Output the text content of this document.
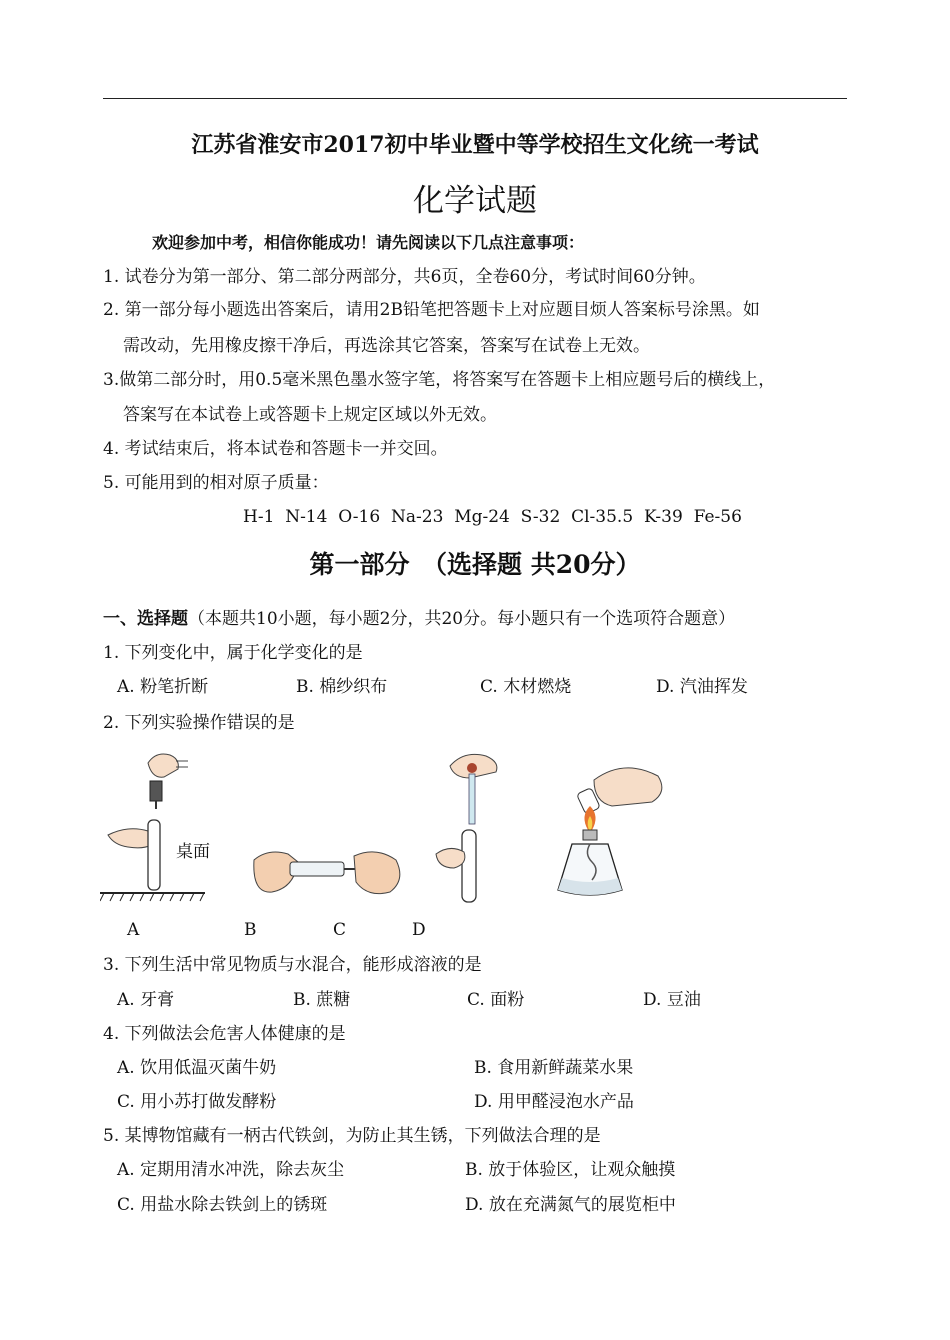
江苏省淮安市2017初中毕业暨中等学校招生文化统一考试
化学试题
欢迎参加中考，相信你能成功！请先阅读以下几点注意事项：
1. 试卷分为第一部分、第二部分两部分，共6页，全卷60分，考试时间60分钟。
2. 第一部分每小题选出答案后，请用2B铅笔把答题卡上对应题目烦人答案标号涂黑。如
需改动，先用橡皮擦干净后，再选涂其它答案，答案写在试卷上无效。
3.做第二部分时，用0.5毫米黑色墨水签字笔，将答案写在答题卡上相应题号后的横线上，
答案写在本试卷上或答题卡上规定区域以外无效。
4. 考试结束后，将本试卷和答题卡一并交回。
5. 可能用到的相对原子质量：
H-1  N-14  O-16  Na-23  Mg-24  S-32  Cl-35.5  K-39  Fe-56
第一部分　（选择题 共20分）
一、选择题（本题共10小题，每小题2分，共20分。每小题只有一个选项符合题意）
1. 下列变化中，属于化学变化的是
A. 粉笔折断	B. 棉纱织布	C. 木材燃烧	D. 汽油挥发
2. 下列实验操作错误的是
桌面
A	B	C	D
3. 下列生活中常见物质与水混合，能形成溶液的是
A. 牙膏	B. 蔗糖	C. 面粉	D. 豆油
4. 下列做法会危害人体健康的是
A. 饮用低温灭菌牛奶	B. 食用新鲜蔬菜水果
C. 用小苏打做发酵粉	D. 用甲醛浸泡水产品
5. 某博物馆藏有一柄古代铁剑，为防止其生锈，下列做法合理的是
A. 定期用清水冲洗，除去灰尘	B. 放于体验区，让观众触摸
C. 用盐水除去铁剑上的锈斑	D. 放在充满氮气的展览柜中
